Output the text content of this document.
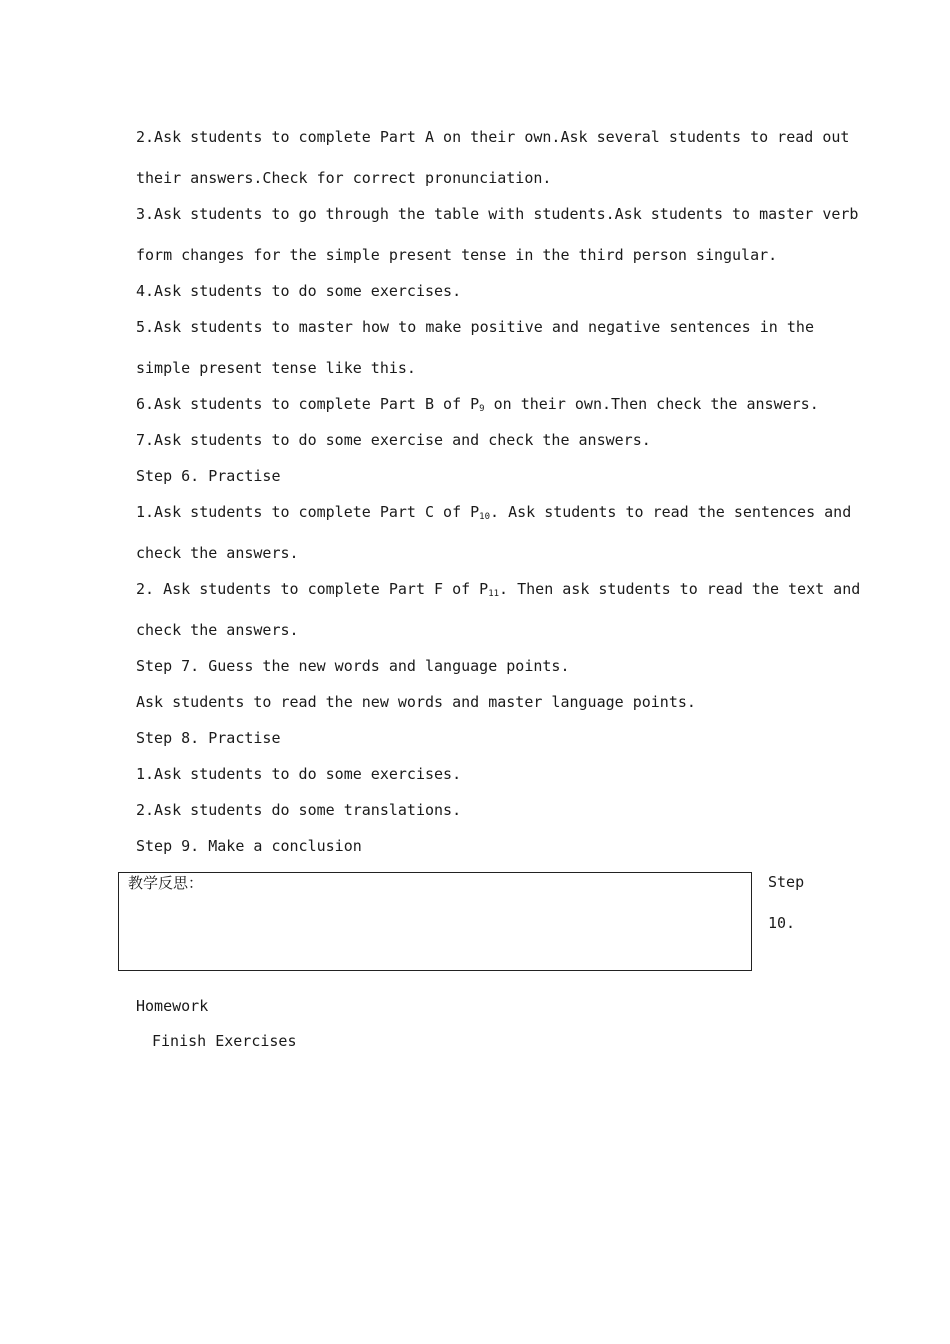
2.Ask students to complete Part A on their own.Ask several students to read out
their answers.Check for correct pronunciation.
3.Ask students to go through the table with students.Ask students to master verb
form changes for the simple present tense in the third person singular.
4.Ask students to do some exercises.
5.Ask students to master how to make positive and negative sentences in the
simple present tense like this.
6.Ask students to complete Part B of $P_9$ on their own.Then check the answers.
7.Ask students to do some exercise and check the answers.
Step 6. Practise
1.Ask students to complete Part C of $P_{10}$ . Ask students to read the sentences and
check the answers.
2. Ask students to complete Part F of $P_{11}$ . Then ask students to read the text and
check the answers.
Step 7. Guess the new words and language points.
Ask students to read the new words and master language points.
Step 8. Practise
1.Ask students to do some exercises.
2.Ask students do some translations.
Step 9. Make a conclusion
教学反思：	Step
10.
Homework
Finish Exercises
